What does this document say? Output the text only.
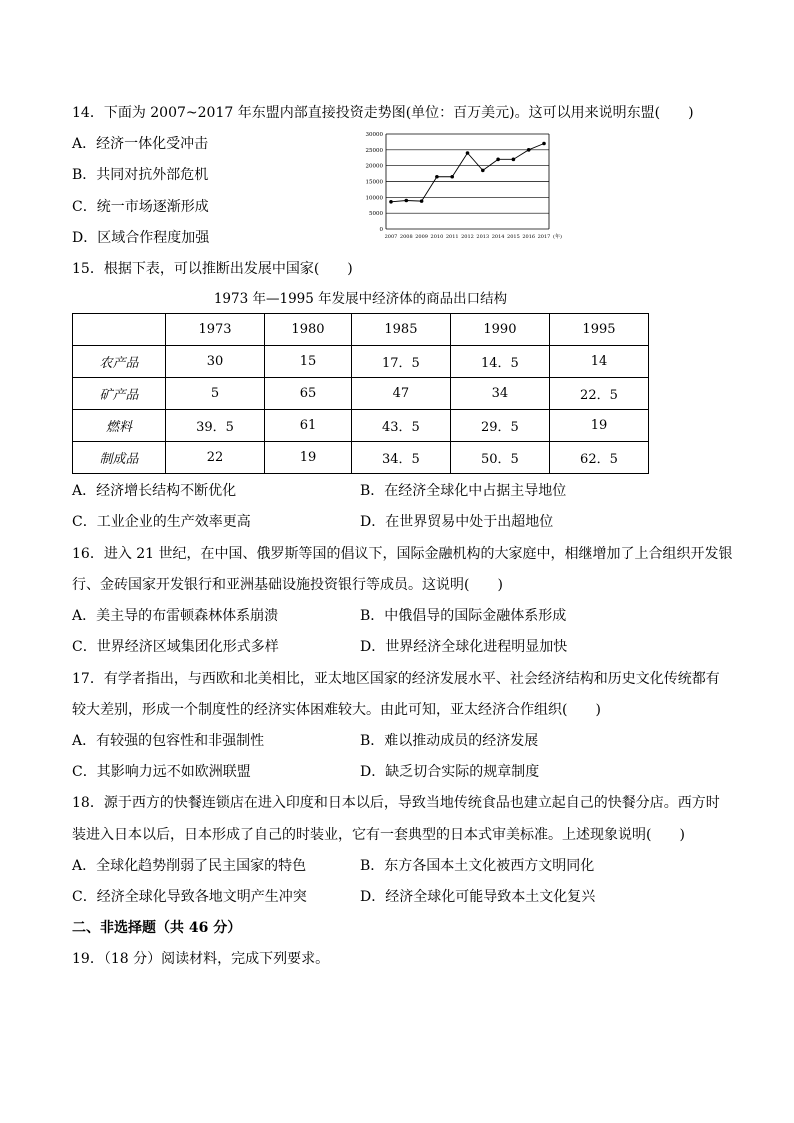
14．下面为 2007~2017 年东盟内部直接投资走势图(单位：百万美元)。这可以用来说明东盟(　　)
A．经济一体化受冲击
B．共同对抗外部危机
C．统一市场逐渐形成
D．区域合作程度加强	0
5000
10000
15000
20000
25000
30000
2007 2008 2009 2010 2011 2012 2013 2014 2015 2016 2017 (年)
15．根据下表，可以推断出发展中国家(　　)
1973 年—1995 年发展中经济体的商品出口结构
	1973	1980	1985	1990	1995
农产品	30	15	17．5	14．5	14
矿产品	5	65	47	34	22．5
燃料	39．5	61	43．5	29．5	19
制成品	22	19	34．5	50．5	62．5
A．经济增长结构不断优化	B．在经济全球化中占据主导地位
C．工业企业的生产效率更高	D．在世界贸易中处于出超地位
16．进入 21 世纪，在中国、俄罗斯等国的倡议下，国际金融机构的大家庭中，相继增加了上合组织开发银
行、金砖国家开发银行和亚洲基础设施投资银行等成员。这说明(　　)
A．美主导的布雷顿森林体系崩溃	B．中俄倡导的国际金融体系形成
C．世界经济区域集团化形式多样	D．世界经济全球化进程明显加快
17．有学者指出，与西欧和北美相比，亚太地区国家的经济发展水平、社会经济结构和历史文化传统都有
较大差别，形成一个制度性的经济实体困难较大。由此可知，亚太经济合作组织(　　)
A．有较强的包容性和非强制性	B．难以推动成员的经济发展
C．其影响力远不如欧洲联盟	D．缺乏切合实际的规章制度
18．源于西方的快餐连锁店在进入印度和日本以后，导致当地传统食品也建立起自己的快餐分店。西方时
装进入日本以后，日本形成了自己的时装业，它有一套典型的日本式审美标准。上述现象说明(　　)
A．全球化趋势削弱了民主国家的特色	B．东方各国本土文化被西方文明同化
C．经济全球化导致各地文明产生冲突	D．经济全球化可能导致本土文化复兴
二、非选择题（共 46 分）
19．（18 分）阅读材料，完成下列要求。
